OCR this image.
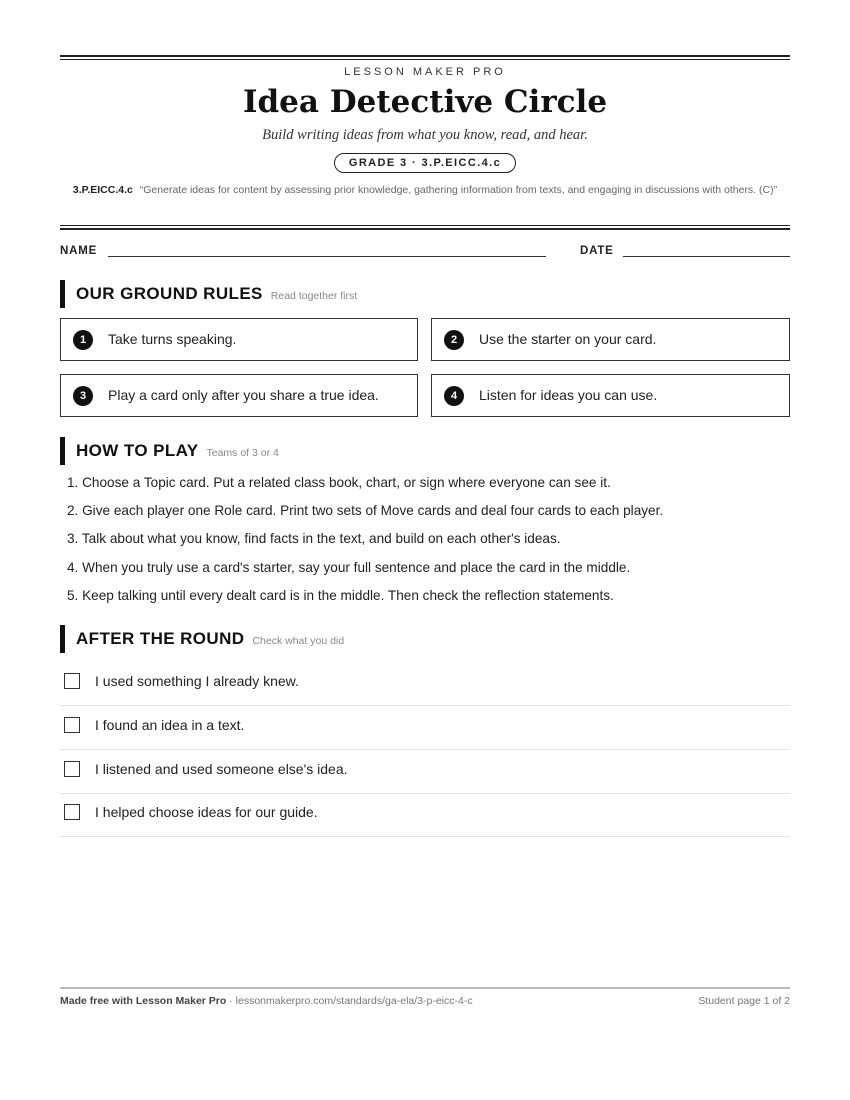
LESSON MAKER PRO
Idea Detective Circle
Build writing ideas from what you know, read, and hear.
GRADE 3 · 3.P.EICC.4.c
3.P.EICC.4.c “Generate ideas for content by assessing prior knowledge, gathering information from texts, and engaging in discussions with others. (C)”
NAME	DATE
OUR GROUND RULES Read together first
1	Take turns speaking.	2	Use the starter on your card.
3	Play a card only after you share a true idea.	4	Listen for ideas you can use.
HOW TO PLAY Teams of 3 or 4
1. Choose a Topic card. Put a related class book, chart, or sign where everyone can see it.
2. Give each player one Role card. Print two sets of Move cards and deal four cards to each player.
3. Talk about what you know, find facts in the text, and build on each other's ideas.
4. When you truly use a card's starter, say your full sentence and place the card in the middle.
5. Keep talking until every dealt card is in the middle. Then check the reflection statements.
AFTER THE ROUND Check what you did
I used something I already knew.
I found an idea in a text.
I listened and used someone else's idea.
I helped choose ideas for our guide.
Made free with Lesson Maker Pro · lessonmakerpro.com/standards/ga-ela/3-p-eicc-4-c	Student page 1 of 2
